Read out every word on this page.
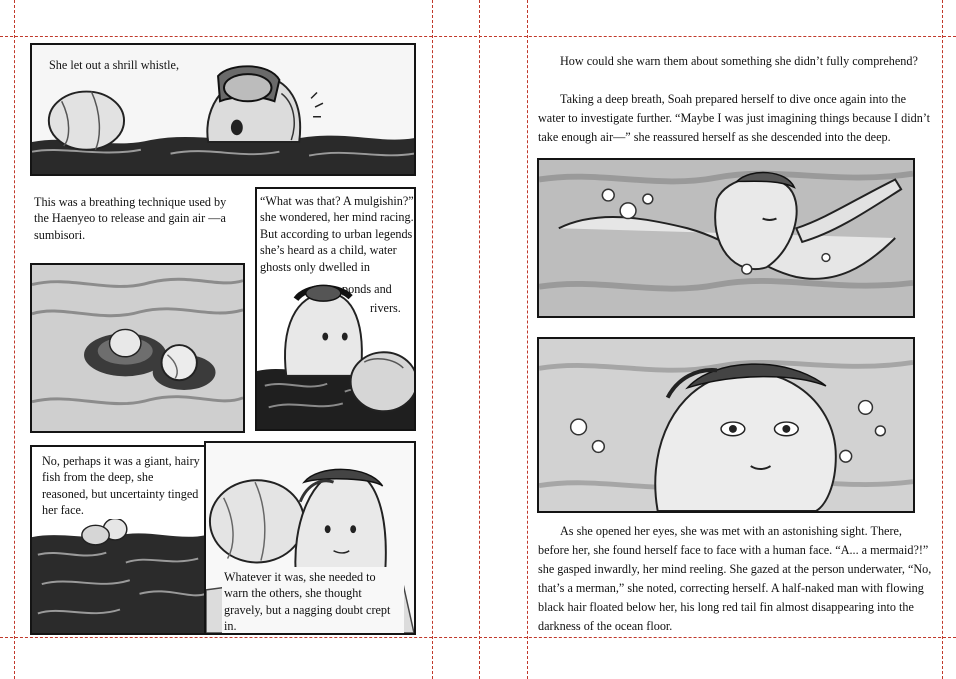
She let out a shrill whistle,
This was a breathing technique used by the Haenyeo to release and gain air —a sumbisori.
“What was that? A mulgishin?” she wondered, her mind racing. But according to urban legends she’s heard as a child, water ghosts only dwelled in
ponds and
rivers.
No, perhaps it was a giant, hairy fish from the deep, she reasoned, but uncertainty tinged her face.
Whatever it was, she needed to warn the others, she thought gravely, but a nagging doubt crept in.
How could she warn them about something she didn’t fully comprehend?
Taking a deep breath, Soah prepared herself to dive once again into the water to investigate further. “Maybe I was just imagining things because I didn’t take enough air—” she reassured herself as she descended into the deep.
As she opened her eyes, she was met with an astonishing sight. There, before her, she found herself face to face with a human face. “A... a mermaid?!” she gasped inwardly, her mind reeling. She gazed at the person underwater, “No, that’s a merman,” she noted, correcting herself. A half-naked man with flowing black hair floated below her, his long red tail fin almost disappearing into the darkness of the ocean floor.
